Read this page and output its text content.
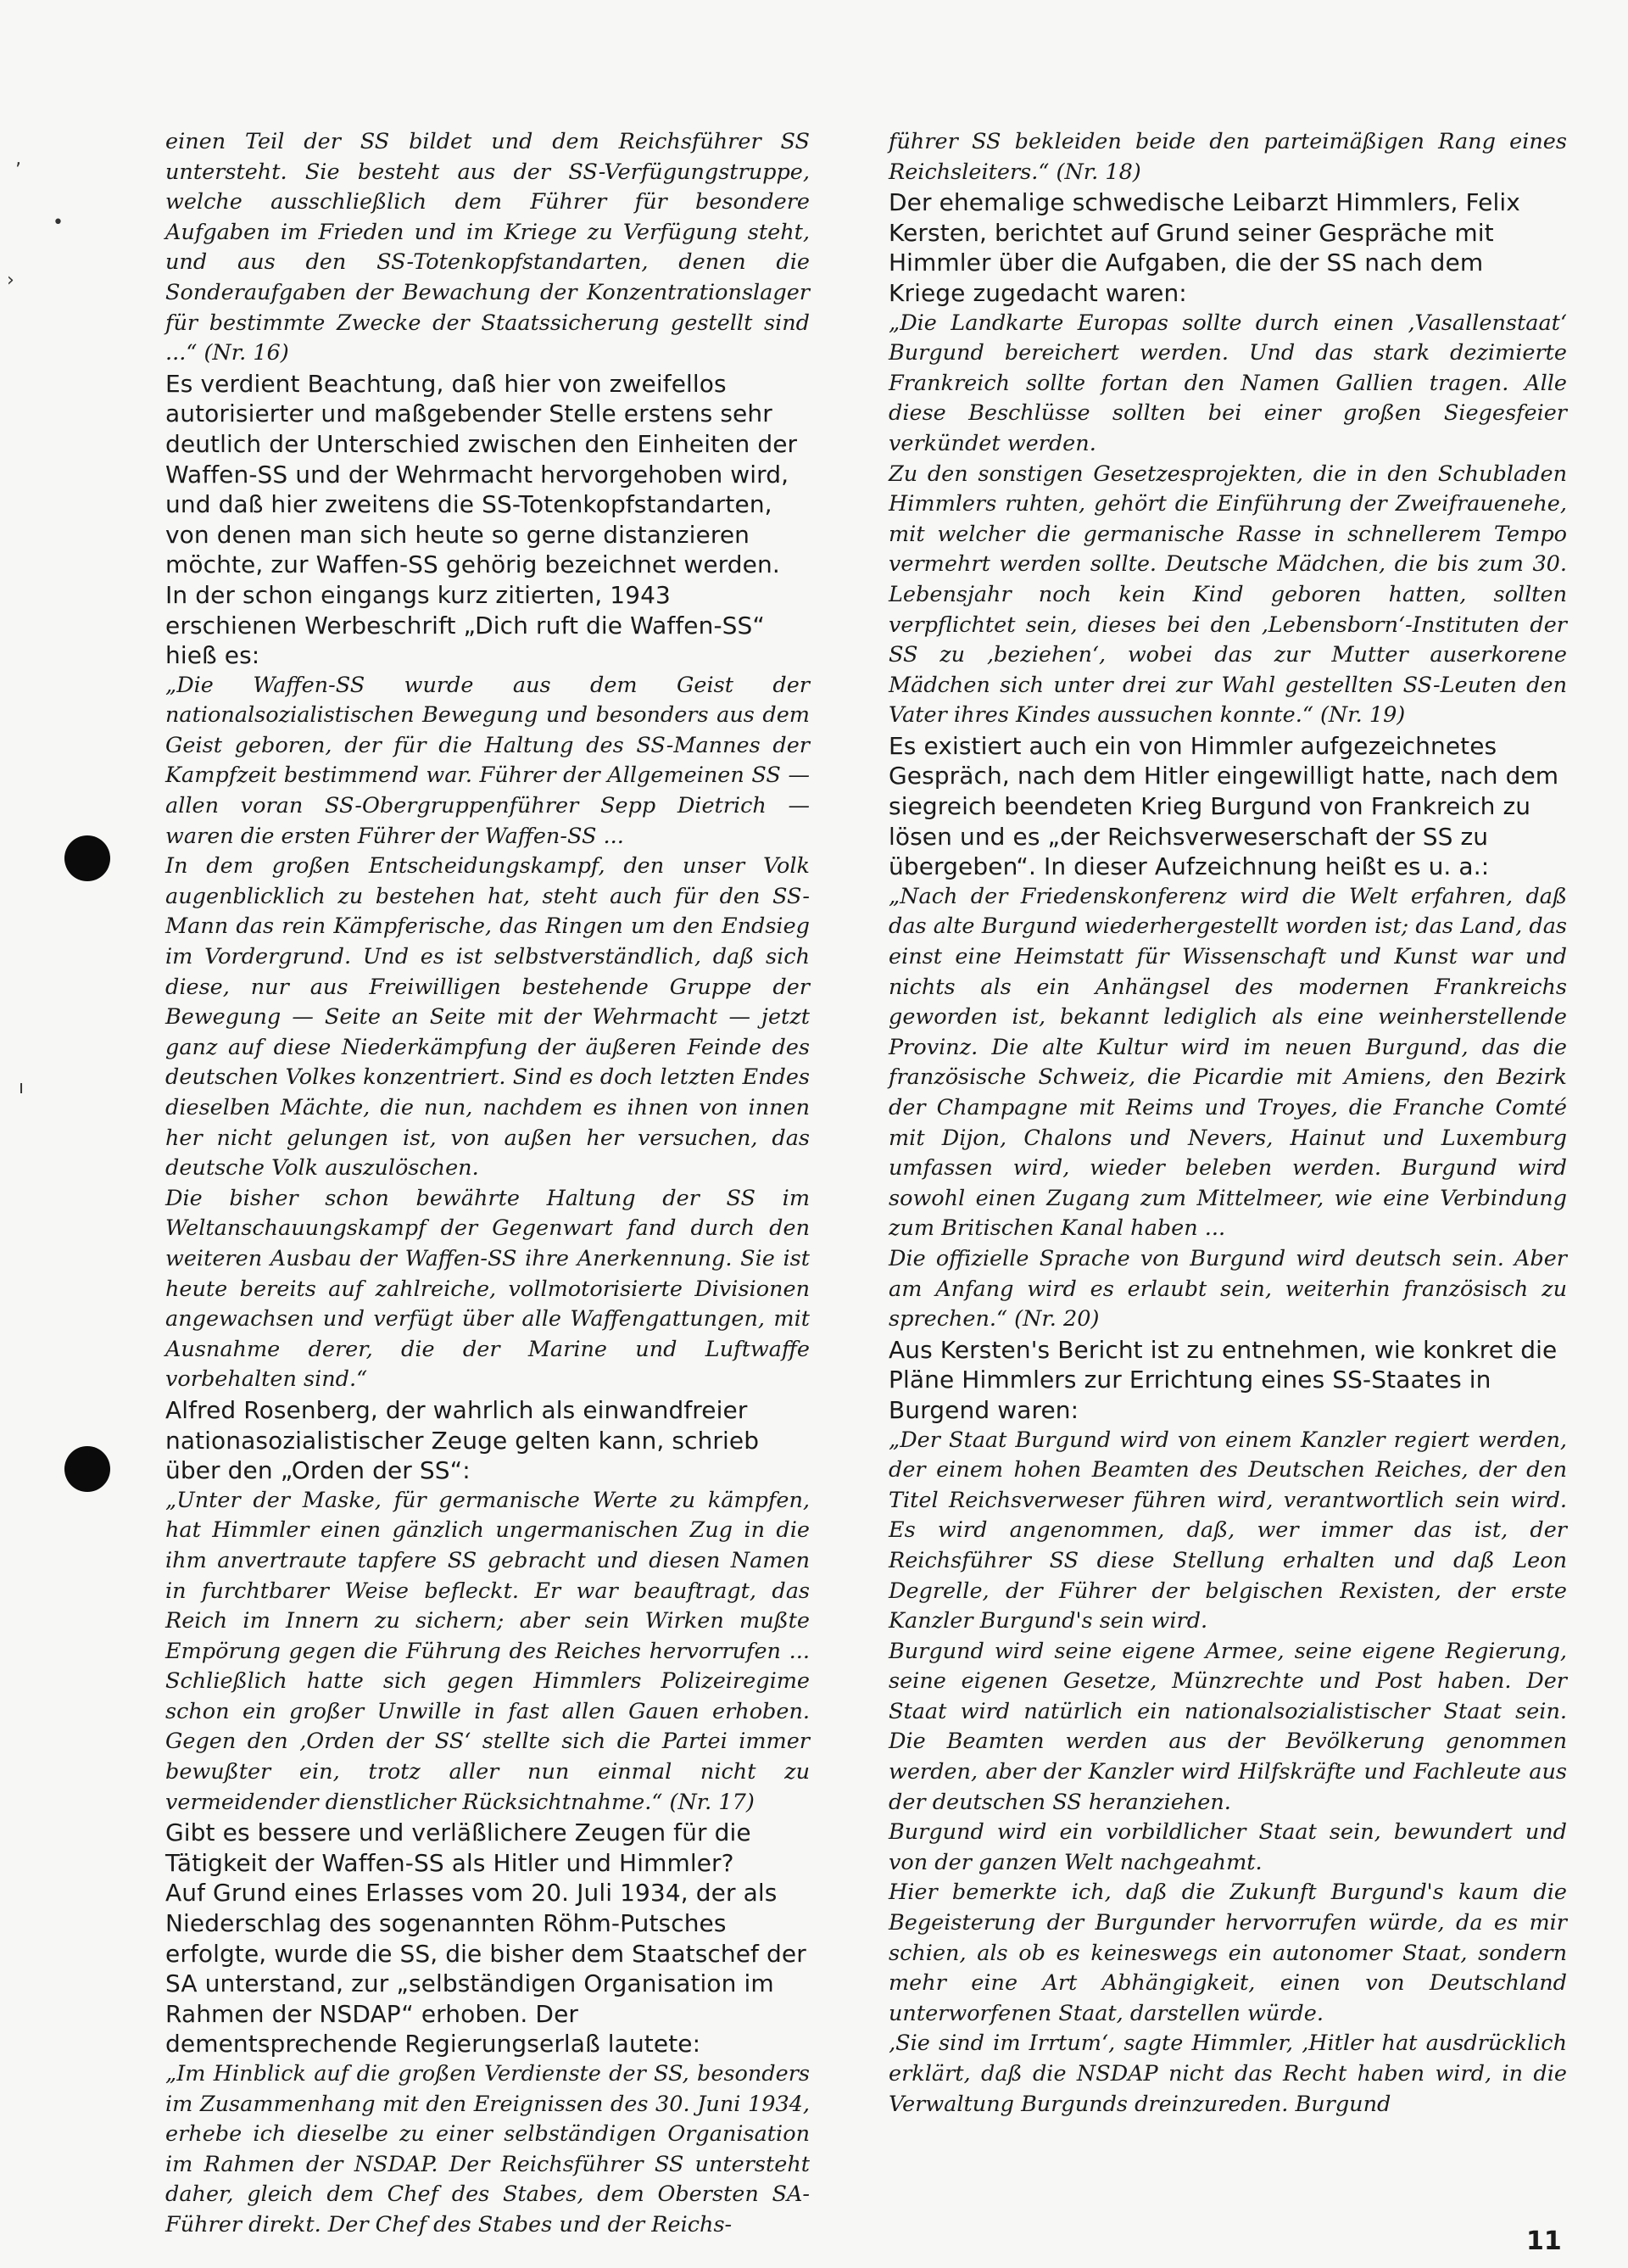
einen Teil der SS bildet und dem Reichsführer SS untersteht. Sie besteht aus der SS-Verfügungstruppe, welche ausschließlich dem Führer für besondere Aufgaben im Frieden und im Kriege zu Verfügung steht, und aus den SS-Totenkopfstandarten, denen die Sonderaufgaben der Bewachung der Konzentrationslager für bestimmte Zwecke der Staatssicherung gestellt sind ...“ (Nr. 16)

Es verdient Beachtung, daß hier von zweifellos autorisierter und maßgebender Stelle erstens sehr deutlich der Unterschied zwischen den Einheiten der Waffen-SS und der Wehrmacht hervorgehoben wird, und daß hier zweitens die SS-Totenkopfstandarten, von denen man sich heute so gerne distanzieren möchte, zur Waffen-SS gehörig bezeichnet werden.

In der schon eingangs kurz zitierten, 1943 erschienen Werbeschrift „Dich ruft die Waffen-SS“ hieß es:

„Die Waffen-SS wurde aus dem Geist der nationalsozialistischen Bewegung und besonders aus dem Geist geboren, der für die Haltung des SS-Mannes der Kampfzeit bestimmend war. Führer der Allgemeinen SS — allen voran SS-Obergruppenführer Sepp Dietrich — waren die ersten Führer der Waffen-SS ...

In dem großen Entscheidungskampf, den unser Volk augenblicklich zu bestehen hat, steht auch für den SS-Mann das rein Kämpferische, das Ringen um den Endsieg im Vordergrund. Und es ist selbstverständlich, daß sich diese, nur aus Freiwilligen bestehende Gruppe der Bewegung — Seite an Seite mit der Wehrmacht — jetzt ganz auf diese Niederkämpfung der äußeren Feinde des deutschen Volkes konzentriert. Sind es doch letzten Endes dieselben Mächte, die nun, nachdem es ihnen von innen her nicht gelungen ist, von außen her versuchen, das deutsche Volk auszulöschen.

Die bisher schon bewährte Haltung der SS im Weltanschauungskampf der Gegenwart fand durch den weiteren Ausbau der Waffen-SS ihre Anerkennung. Sie ist heute bereits auf zahlreiche, vollmotorisierte Divisionen angewachsen und verfügt über alle Waffengattungen, mit Ausnahme derer, die der Marine und Luftwaffe vorbehalten sind.“

Alfred Rosenberg, der wahrlich als einwandfreier nationasozialistischer Zeuge gelten kann, schrieb über den „Orden der SS“:

„Unter der Maske, für germanische Werte zu kämpfen, hat Himmler einen gänzlich ungermanischen Zug in die ihm anvertraute tapfere SS gebracht und diesen Namen in furchtbarer Weise befleckt. Er war beauftragt, das Reich im Innern zu sichern; aber sein Wirken mußte Empörung gegen die Führung des Reiches hervorrufen ... Schließlich hatte sich gegen Himmlers Polizeiregime schon ein großer Unwille in fast allen Gauen erhoben. Gegen den ‚Orden der SS‘ stellte sich die Partei immer bewußter ein, trotz aller nun einmal nicht zu vermeidender dienstlicher Rücksichtnahme.“ (Nr. 17)

Gibt es bessere und verläßlichere Zeugen für die Tätigkeit der Waffen-SS als Hitler und Himmler?

Auf Grund eines Erlasses vom 20. Juli 1934, der als Niederschlag des sogenannten Röhm-Putsches erfolgte, wurde die SS, die bisher dem Staatschef der SA unterstand, zur „selbständigen Organisation im Rahmen der NSDAP“ erhoben. Der dementsprechende Regierungserlaß lautete:

„Im Hinblick auf die großen Verdienste der SS, besonders im Zusammenhang mit den Ereignissen des 30. Juni 1934, erhebe ich dieselbe zu einer selbständigen Organisation im Rahmen der NSDAP. Der Reichsführer SS untersteht daher, gleich dem Chef des Stabes, dem Obersten SA-Führer direkt. Der Chef des Stabes und der Reichs-

führer SS bekleiden beide den parteimäßigen Rang eines Reichsleiters.“ (Nr. 18)

Der ehemalige schwedische Leibarzt Himmlers, Felix Kersten, berichtet auf Grund seiner Gespräche mit Himmler über die Aufgaben, die der SS nach dem Kriege zugedacht waren:

„Die Landkarte Europas sollte durch einen ‚Vasallenstaat‘ Burgund bereichert werden. Und das stark dezimierte Frankreich sollte fortan den Namen Gallien tragen. Alle diese Beschlüsse sollten bei einer großen Siegesfeier verkündet werden.

Zu den sonstigen Gesetzesprojekten, die in den Schubladen Himmlers ruhten, gehört die Einführung der Zweifrauenehe, mit welcher die germanische Rasse in schnellerem Tempo vermehrt werden sollte. Deutsche Mädchen, die bis zum 30. Lebensjahr noch kein Kind geboren hatten, sollten verpflichtet sein, dieses bei den ‚Lebensborn‘-Instituten der SS zu ‚beziehen‘, wobei das zur Mutter auserkorene Mädchen sich unter drei zur Wahl gestellten SS-Leuten den Vater ihres Kindes aussuchen konnte.“ (Nr. 19)

Es existiert auch ein von Himmler aufgezeichnetes Gespräch, nach dem Hitler eingewilligt hatte, nach dem siegreich beendeten Krieg Burgund von Frankreich zu lösen und es „der Reichsverweserschaft der SS zu übergeben“. In dieser Aufzeichnung heißt es u. a.:

„Nach der Friedenskonferenz wird die Welt erfahren, daß das alte Burgund wiederhergestellt worden ist; das Land, das einst eine Heimstatt für Wissenschaft und Kunst war und nichts als ein Anhängsel des modernen Frankreichs geworden ist, bekannt lediglich als eine weinherstellende Provinz. Die alte Kultur wird im neuen Burgund, das die französische Schweiz, die Picardie mit Amiens, den Bezirk der Champagne mit Reims und Troyes, die Franche Comté mit Dijon, Chalons und Nevers, Hainut und Luxemburg umfassen wird, wieder beleben werden. Burgund wird sowohl einen Zugang zum Mittelmeer, wie eine Verbindung zum Britischen Kanal haben ...

Die offizielle Sprache von Burgund wird deutsch sein. Aber am Anfang wird es erlaubt sein, weiterhin französisch zu sprechen.“ (Nr. 20)

Aus Kersten's Bericht ist zu entnehmen, wie konkret die Pläne Himmlers zur Errichtung eines SS-Staates in Burgend waren:

„Der Staat Burgund wird von einem Kanzler regiert werden, der einem hohen Beamten des Deutschen Reiches, der den Titel Reichsverweser führen wird, verantwortlich sein wird. Es wird angenommen, daß, wer immer das ist, der Reichsführer SS diese Stellung erhalten und daß Leon Degrelle, der Führer der belgischen Rexisten, der erste Kanzler Burgund's sein wird.

Burgund wird seine eigene Armee, seine eigene Regierung, seine eigenen Gesetze, Münzrechte und Post haben. Der Staat wird natürlich ein nationalsozialistischer Staat sein. Die Beamten werden aus der Bevölkerung genommen werden, aber der Kanzler wird Hilfskräfte und Fachleute aus der deutschen SS heranziehen.

Burgund wird ein vorbildlicher Staat sein, bewundert und von der ganzen Welt nachgeahmt.

Hier bemerkte ich, daß die Zukunft Burgund's kaum die Begeisterung der Burgunder hervorrufen würde, da es mir schien, als ob es keineswegs ein autonomer Staat, sondern mehr eine Art Abhängigkeit, einen von Deutschland unterworfenen Staat, darstellen würde.

‚Sie sind im Irrtum‘, sagte Himmler, ‚Hitler hat ausdrücklich erklärt, daß die NSDAP nicht das Recht haben wird, in die Verwaltung Burgunds dreinzureden. Burgund

‚
•
›
ı
11
